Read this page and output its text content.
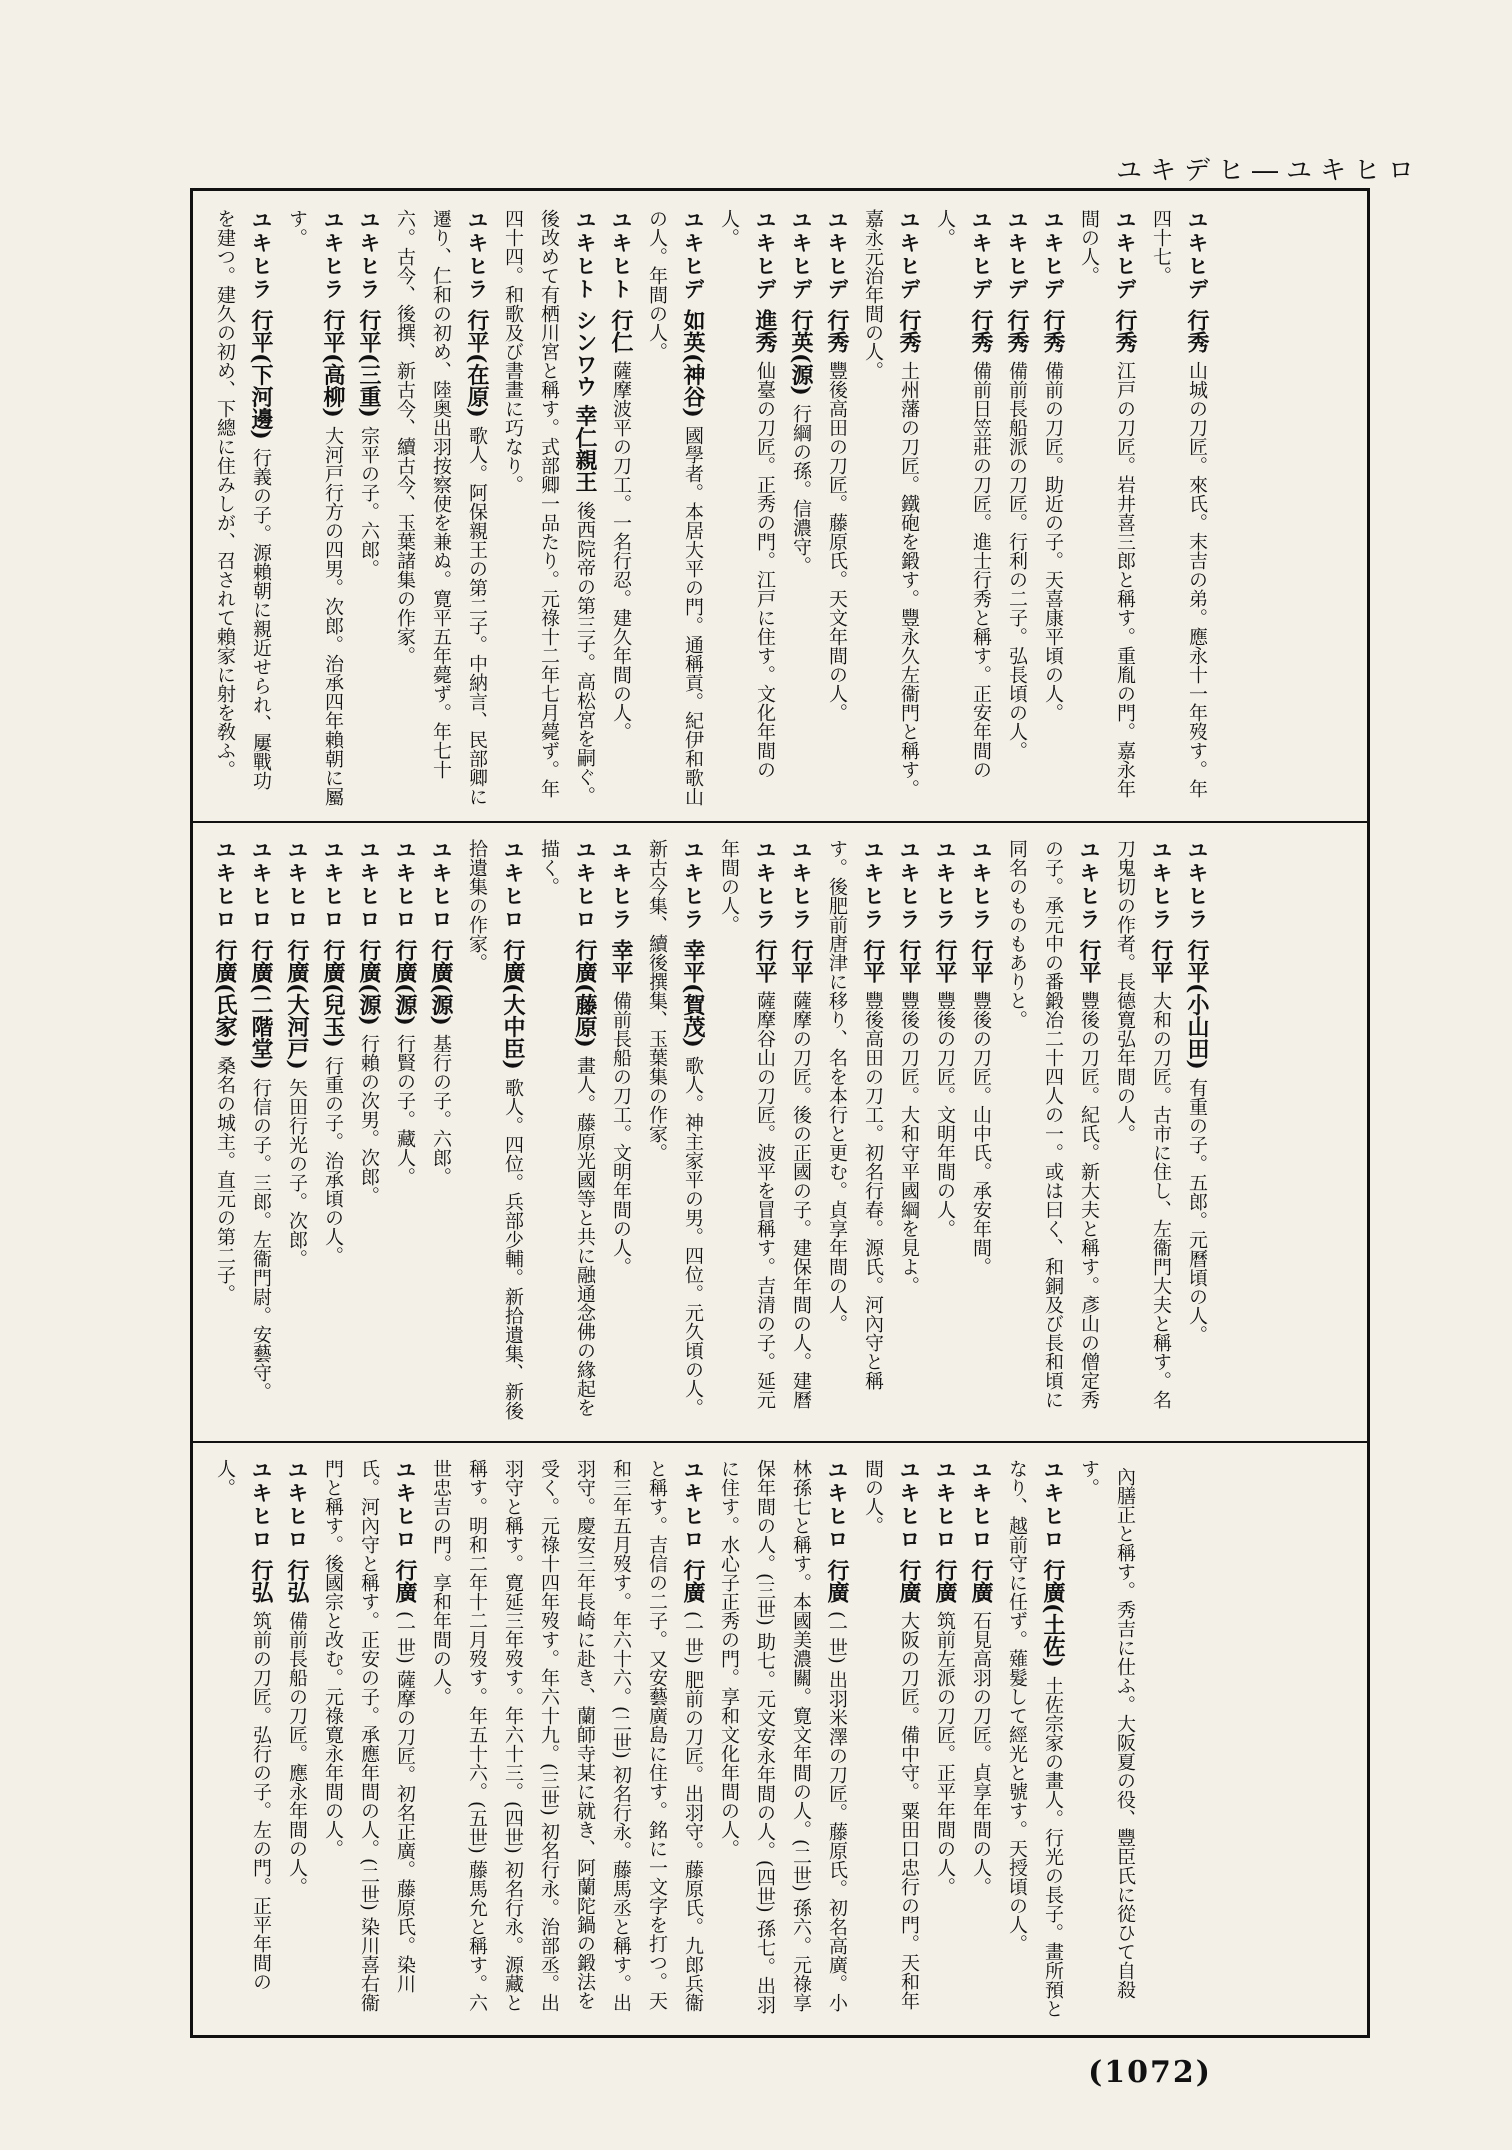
ユキデヒ―ユキヒロ

ユキヒデ行秀山城の刀匠。來氏。末吉の弟。應永十一年歿す。年四十七。

ユキヒデ行秀江戸の刀匠。岩井喜三郎と稱す。重胤の門。嘉永年間の人。

ユキヒデ行秀備前の刀匠。助近の子。天喜康平頃の人。

ユキヒデ行秀備前長船派の刀匠。行利の二子。弘長頃の人。

ユキヒデ行秀備前日笠莊の刀匠。進士行秀と稱す。正安年間の人。

ユキヒデ行秀土州藩の刀匠。鐵砲を鍛す。豐永久左衞門と稱す。嘉永元治年間の人。

ユキヒデ行秀豐後高田の刀匠。藤原氏。天文年間の人。

ユキヒデ行英(源)行綱の孫。信濃守。

ユキヒデ進秀仙臺の刀匠。正秀の門。江戸に住す。文化年間の人。

ユキヒデ如英(神谷)國學者。本居大平の門。通稱貢。紀伊和歌山の人。年間の人。

ユキヒト行仁薩摩波平の刀工。一名行忍。建久年間の人。

ユキヒトシンワウ 幸仁親王後西院帝の第三子。高松宮を嗣ぐ。後改めて有栖川宮と稱す。式部卿一品たり。元祿十二年七月薨ず。年四十四。和歌及び書畫に巧なり。

ユキヒラ行平(在原)歌人。阿保親王の第二子。中納言、民部卿に遷り、仁和の初め、陸奥出羽按察使を兼ぬ。寛平五年薨ず。年七十六。古今、後撰、新古今、續古今、玉葉諸集の作家。

ユキヒラ行平(三重)宗平の子。六郎。

ユキヒラ行平(高柳)大河戸行方の四男。次郎。治承四年賴朝に屬す。

ユキヒラ行平(下河邊)行義の子。源賴朝に親近せられ、屢戰功を建つ。建久の初め、下總に住みしが、召されて賴家に射を敎ふ。

ユキヒラ行平(小山田)有重の子。五郎。元曆頃の人。

ユキヒラ行平大和の刀匠。古市に住し、左衞門大夫と稱す。名刀鬼切の作者。長德寛弘年間の人。

ユキヒラ行平豐後の刀匠。紀氏。新大夫と稱す。彥山の僧定秀の子。承元中の番鍛冶二十四人の一。或は曰く、和銅及び長和頃に同名のものもありと。

ユキヒラ行平豐後の刀匠。山中氏。承安年間。

ユキヒラ行平豐後の刀匠。文明年間の人。

ユキヒラ行平豐後の刀匠。大和守平國綱を見よ。

ユキヒラ行平豐後高田の刀工。初名行春。源氏。河內守と稱す。後肥前唐津に移り、名を本行と更む。貞享年間の人。

ユキヒラ行平薩摩の刀匠。後の正國の子。建保年間の人。建曆

ユキヒラ行平薩摩谷山の刀匠。波平を冒稱す。吉清の子。延元年間の人。

ユキヒラ幸平(賀茂)歌人。神主家平の男。四位。元久頃の人。新古今集、續後撰集、玉葉集の作家。

ユキヒラ幸平備前長船の刀工。文明年間の人。

ユキヒロ行廣(藤原)畫人。藤原光國等と共に融通念佛の緣起を描く。

ユキヒロ行廣(大中臣)歌人。四位。兵部少輔。新拾遺集、新後拾遺集の作家。

ユキヒロ行廣(源)基行の子。六郎。

ユキヒロ行廣(源)行賢の子。藏人。

ユキヒロ行廣(源)行賴の次男。次郎。

ユキヒロ行廣(兒玉)行重の子。治承頃の人。

ユキヒロ行廣(大河戸)矢田行光の子。次郎。

ユキヒロ行廣(二階堂)行信の子。三郎。左衞門尉。安藝守。

ユキヒロ行廣(氏家)桑名の城主。直元の第二子。

內膳正と稱す。秀吉に仕ふ。大阪夏の役、豐臣氏に從ひて自殺す。

ユキヒロ行廣(土佐)土佐宗家の畫人。行光の長子。畫所預となり、越前守に任ず。薙髮して經光と號す。天授頃の人。

ユキヒロ行廣石見高羽の刀匠。貞享年間の人。

ユキヒロ行廣筑前左派の刀匠。正平年間の人。

ユキヒロ行廣大阪の刀匠。備中守。粟田口忠行の門。天和年間の人。

ユキヒロ行廣(一世) 出羽米澤の刀匠。藤原氏。初名高廣。小林孫七と稱す。本國美濃關。寛文年間の人。(二世) 孫六。元祿享保年間の人。(三世) 助七。元文安永年間の人。(四世) 孫七。出羽に住す。水心子正秀の門。享和文化年間の人。

ユキヒロ行廣(一世) 肥前の刀匠。出羽守。藤原氏。九郎兵衞と稱す。吉信の二子。又安藝廣島に住す。銘に一文字を打つ。天和三年五月歿す。年六十六。(二世) 初名行永。藤馬丞と稱す。出羽守。慶安三年長崎に赴き、蘭師寺某に就き、阿蘭陀鍋の鍛法を受く。元祿十四年歿す。年六十九。(三世) 初名行永。治部丞。出羽守と稱す。寛延三年歿す。年六十三。(四世) 初名行永。源藏と稱す。明和二年十二月歿す。年五十六。(五世) 藤馬允と稱す。六世忠吉の門。享和年間の人。

ユキヒロ行廣(一世) 薩摩の刀匠。初名正廣。藤原氏。染川氏。河內守と稱す。正安の子。承應年間の人。(二世) 染川喜右衞門と稱す。後國宗と改む。元祿寛永年間の人。

ユキヒロ行弘備前長船の刀匠。應永年間の人。

ユキヒロ行弘筑前の刀匠。弘行の子。左の門。正平年間の人。

(1072)
